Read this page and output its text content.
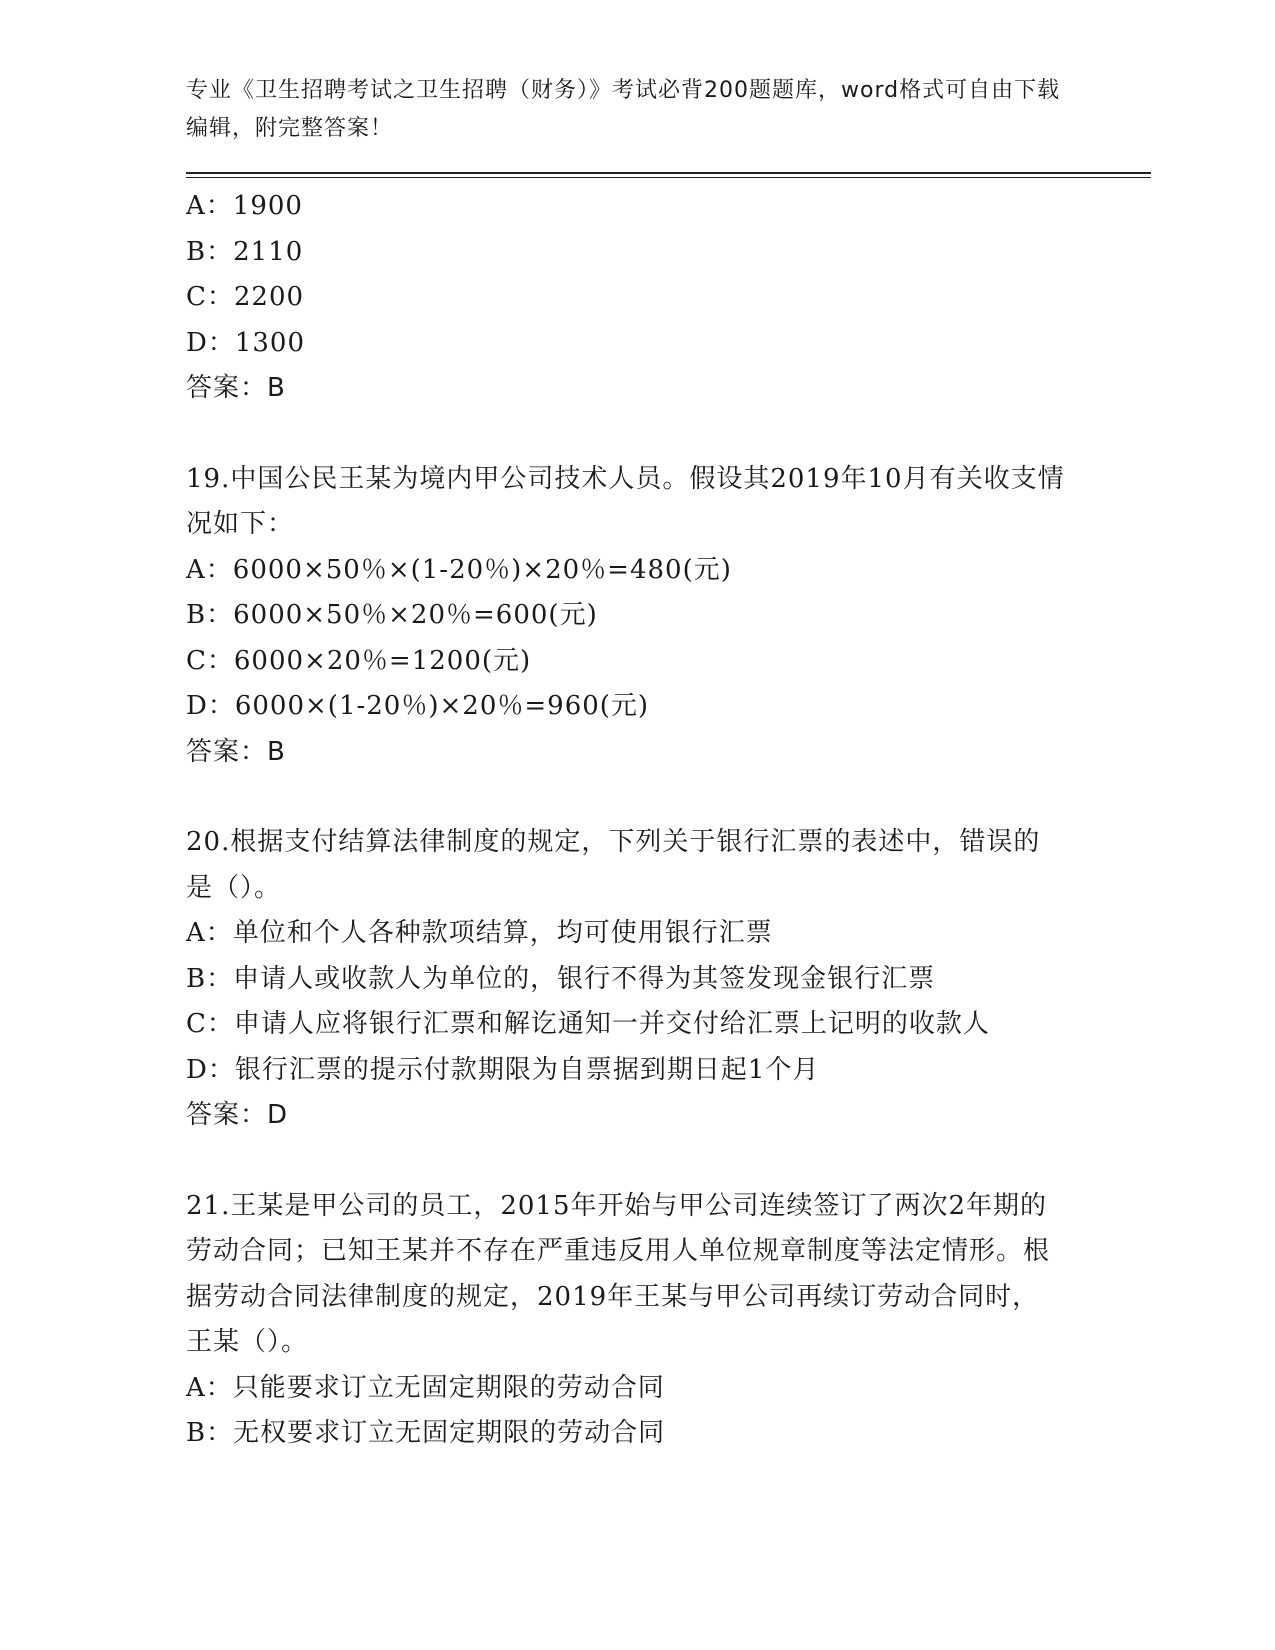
专业《卫生招聘考试之卫生招聘（财务）》考试必背200题题库，word格式可自由下载编辑，附完整答案！
A：1900
B：2110
C：2200
D：1300
答案：B
19.中国公民王某为境内甲公司技术人员。假设其2019年10月有关收支情况如下：
A：6000×50％×(1-20％)×20％=480(元)
B：6000×50％×20％=600(元)
C：6000×20％=1200(元)
D：6000×(1-20％)×20％=960(元)
答案：B
20.根据支付结算法律制度的规定，下列关于银行汇票的表述中，错误的是（）。
A：单位和个人各种款项结算，均可使用银行汇票
B：申请人或收款人为单位的，银行不得为其签发现金银行汇票
C：申请人应将银行汇票和解讫通知一并交付给汇票上记明的收款人
D：银行汇票的提示付款期限为自票据到期日起1个月
答案：D
21.王某是甲公司的员工，2015年开始与甲公司连续签订了两次2年期的劳动合同；已知王某并不存在严重违反用人单位规章制度等法定情形。根据劳动合同法律制度的规定，2019年王某与甲公司再续订劳动合同时，王某（）。
A：只能要求订立无固定期限的劳动合同
B：无权要求订立无固定期限的劳动合同
